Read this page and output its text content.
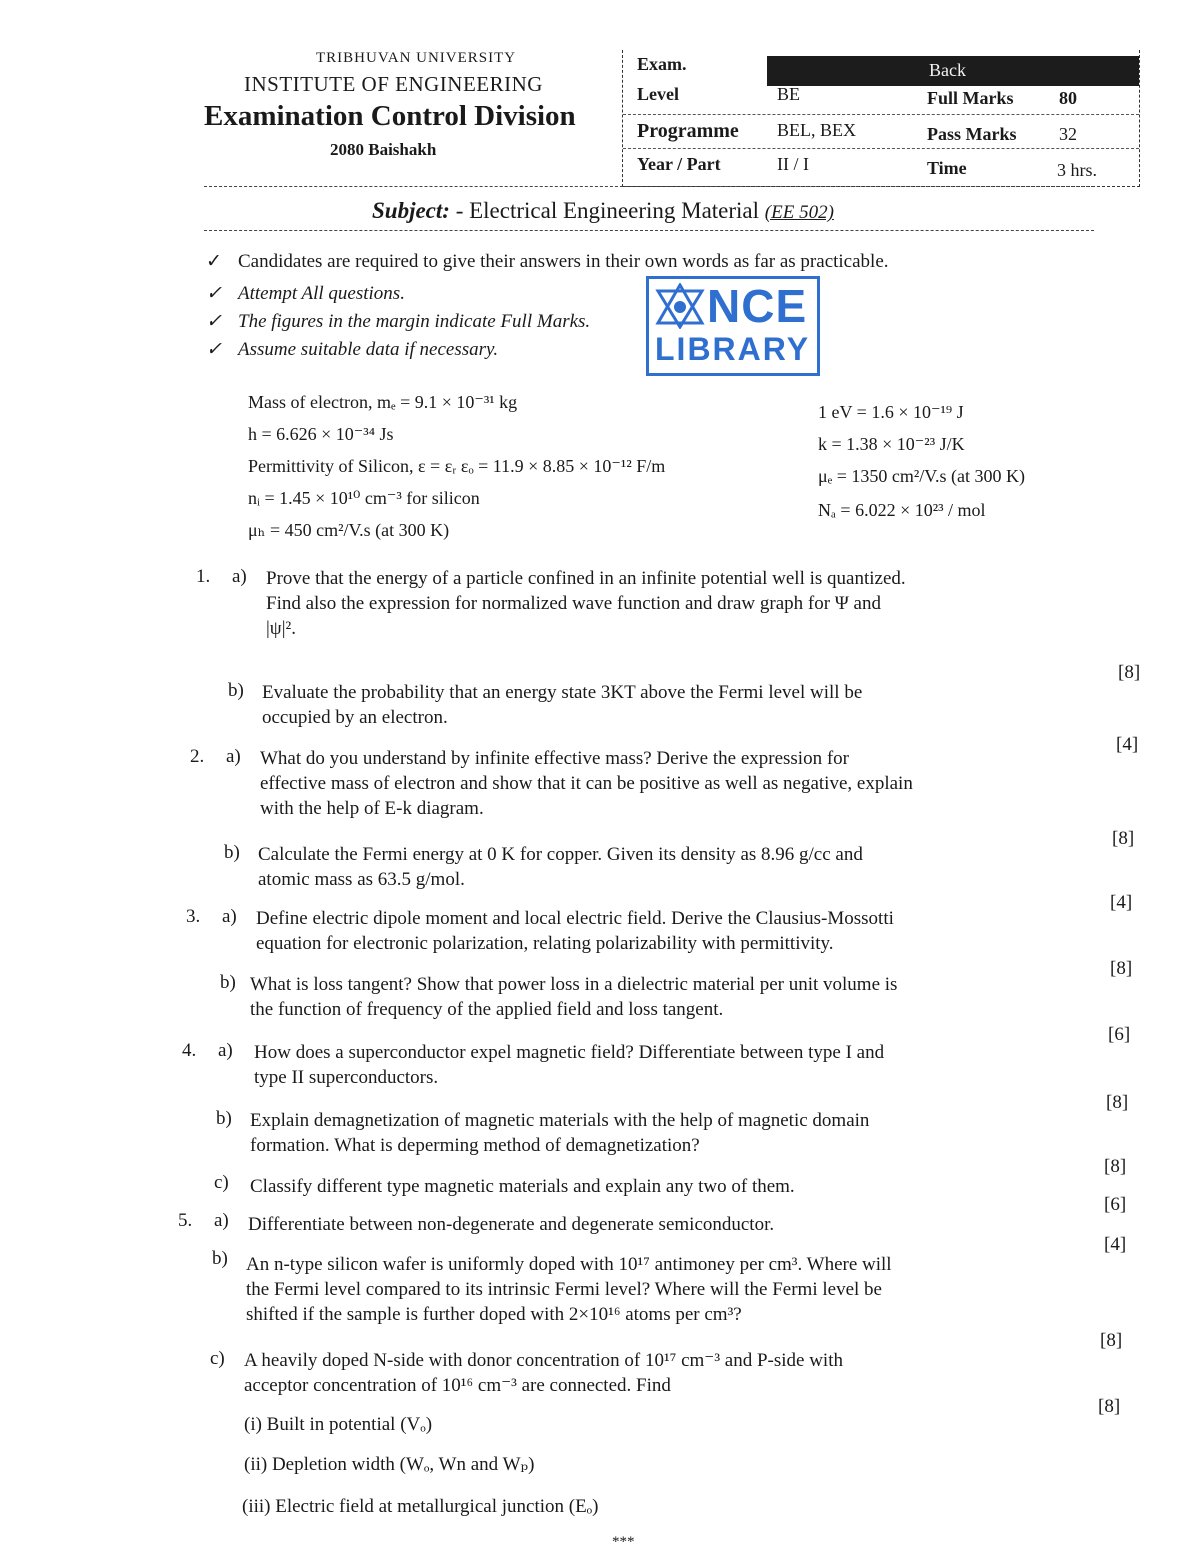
TRIBHUVAN UNIVERSITY
INSTITUTE OF ENGINEERING
Examination Control Division
2080 Baishakh
Back
Exam.
Level	BE	Full Marks	80
Programme BEL, BEX	Pass Marks 32
Year / Part	II / I	Time	3 hrs.
Subject: - Electrical Engineering Material (EE 502)
✓ Candidates are required to give their answers in their own words as far as practicable.
✓ Attempt All questions.
✓ The figures in the margin indicate Full Marks.
✓ Assume suitable data if necessary.
NCE
LIBRARY
Mass of electron, mₑ = 9.1 × 10⁻³¹ kg
h = 6.626 × 10⁻³⁴ Js
Permittivity of Silicon, ε = εᵣ εₒ = 11.9 × 8.85 × 10⁻¹² F/m
nᵢ = 1.45 × 10¹⁰ cm⁻³ for silicon
μₕ = 450 cm²/V.s (at 300 K)
1 eV = 1.6 × 10⁻¹⁹ J
k = 1.38 × 10⁻²³ J/K
μₑ = 1350 cm²/V.s (at 300 K)
Nₐ = 6.022 × 10²³ / mol
1. a) Prove that the energy of a particle confined in an infinite potential well is quantized.
Find also the expression for normalized wave function and draw graph for Ψ and
|ψ|².
[8]
b) Evaluate the probability that an energy state 3KT above the Fermi level will be
occupied by an electron.
[4]
2. a) What do you understand by infinite effective mass? Derive the expression for
effective mass of electron and show that it can be positive as well as negative, explain
with the help of E-k diagram.
[8]
b) Calculate the Fermi energy at 0 K for copper. Given its density as 8.96 g/cc and
atomic mass as 63.5 g/mol.
[4]
3. a) Define electric dipole moment and local electric field. Derive the Clausius-Mossotti
equation for electronic polarization, relating polarizability with permittivity.
[8]
b) What is loss tangent? Show that power loss in a dielectric material per unit volume is
the function of frequency of the applied field and loss tangent.
[6]
4. a) How does a superconductor expel magnetic field? Differentiate between type I and
type II superconductors.
[8]
b) Explain demagnetization of magnetic materials with the help of magnetic domain
formation. What is deperming method of demagnetization?
[8]
c) Classify different type magnetic materials and explain any two of them.
[6]
5. a) Differentiate between non-degenerate and degenerate semiconductor.
[4]
b) An n-type silicon wafer is uniformly doped with 10¹⁷ antimoney per cm³. Where will
the Fermi level compared to its intrinsic Fermi level? Where will the Fermi level be
shifted if the sample is further doped with 2×10¹⁶ atoms per cm³?
[8]
c) A heavily doped N-side with donor concentration of 10¹⁷ cm⁻³ and P-side with
acceptor concentration of 10¹⁶ cm⁻³ are connected. Find
[8]
(i) Built in potential (Vₒ)
(ii) Depletion width (Wₒ, Wn and Wₚ)
(iii) Electric field at metallurgical junction (Eₒ)
***
